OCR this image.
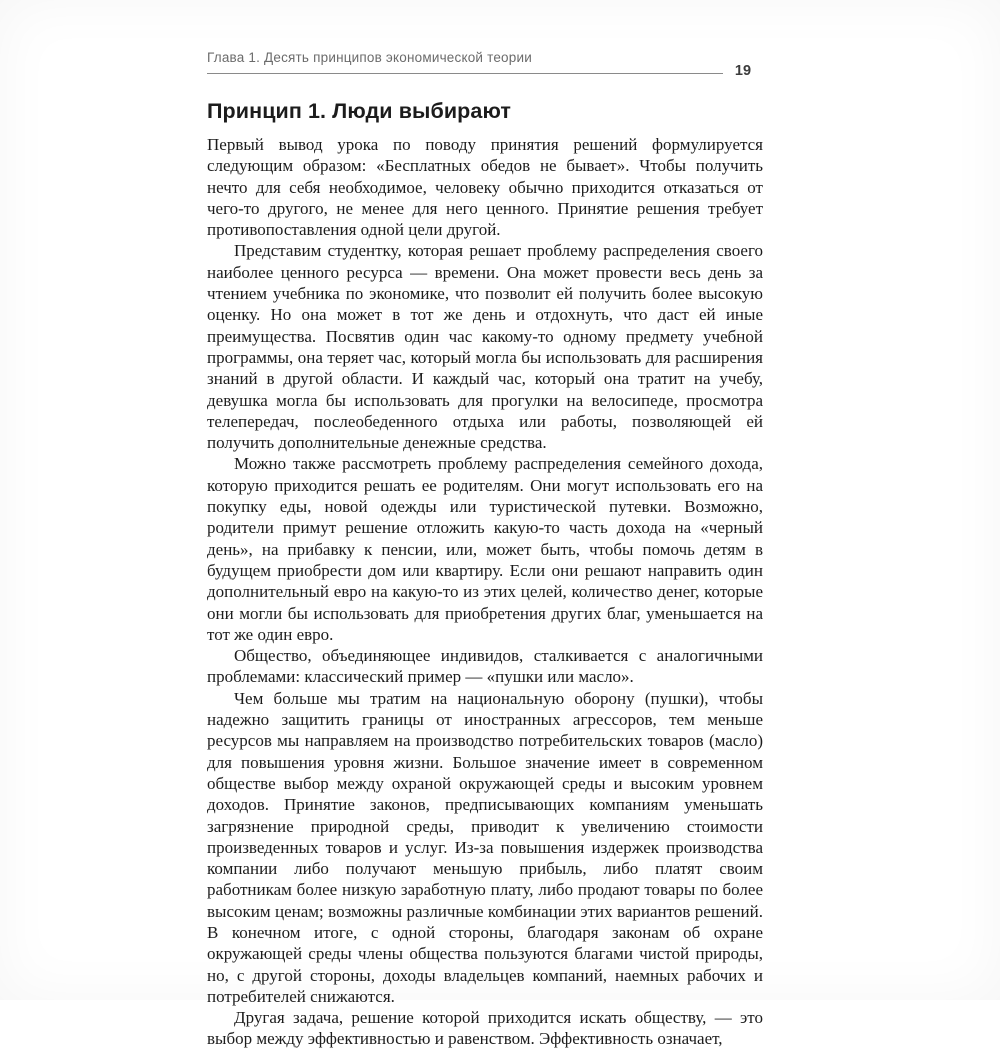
Глава 1. Десять принципов экономической теории
19
Принцип 1. Люди выбирают

Первый вывод урока по поводу принятия решений формулируется следующим образом: «Бесплатных обедов не бывает». Чтобы получить нечто для себя необходимое, человеку обычно приходится отказаться от чего-то другого, не менее для него ценного. Принятие решения требует противопоставления одной цели другой.

Представим студентку, которая решает проблему распределения своего наиболее ценного ресурса — времени. Она может провести весь день за чтением учебника по экономике, что позволит ей получить более высокую оценку. Но она может в тот же день и отдохнуть, что даст ей иные преимущества. Посвятив один час какому-то одному предмету учебной программы, она теряет час, который могла бы использовать для расширения знаний в другой области. И каждый час, который она тратит на учебу, девушка могла бы использовать для прогулки на велосипеде, просмотра телепередач, послеобеденного отдыха или работы, позволяющей ей получить дополнительные денежные средства.

Можно также рассмотреть проблему распределения семейного дохода, которую приходится решать ее родителям. Они могут использовать его на покупку еды, новой одежды или туристической путевки. Возможно, родители примут решение отложить какую-то часть дохода на «черный день», на прибавку к пенсии, или, может быть, чтобы помочь детям в будущем приобрести дом или квартиру. Если они решают направить один дополнительный евро на какую-то из этих целей, количество денег, которые они могли бы использовать для приобретения других благ, уменьшается на тот же один евро.

Общество, объединяющее индивидов, сталкивается с аналогичными проблемами: классический пример — «пушки или масло».

Чем больше мы тратим на национальную оборону (пушки), чтобы надежно защитить границы от иностранных агрессоров, тем меньше ресурсов мы направляем на производство потребительских товаров (масло) для повышения уровня жизни. Большое значение имеет в современном обществе выбор между охраной окружающей среды и высоким уровнем доходов. Принятие законов, предписывающих компаниям уменьшать загрязнение природной среды, приводит к увеличению стоимости произведенных товаров и услуг. Из-за повышения издержек производства компании либо получают меньшую прибыль, либо платят своим работникам более низкую заработную плату, либо продают товары по более высоким ценам; возможны различные комбинации этих вариантов решений. В конечном итоге, с одной стороны, благодаря законам об охране окружающей среды члены общества пользуются благами чистой природы, но, с другой стороны, доходы владельцев компаний, наемных рабочих и потребителей снижаются.

Другая задача, решение которой приходится искать обществу, — это выбор между эффективностью и равенством. Эффективность означает,
